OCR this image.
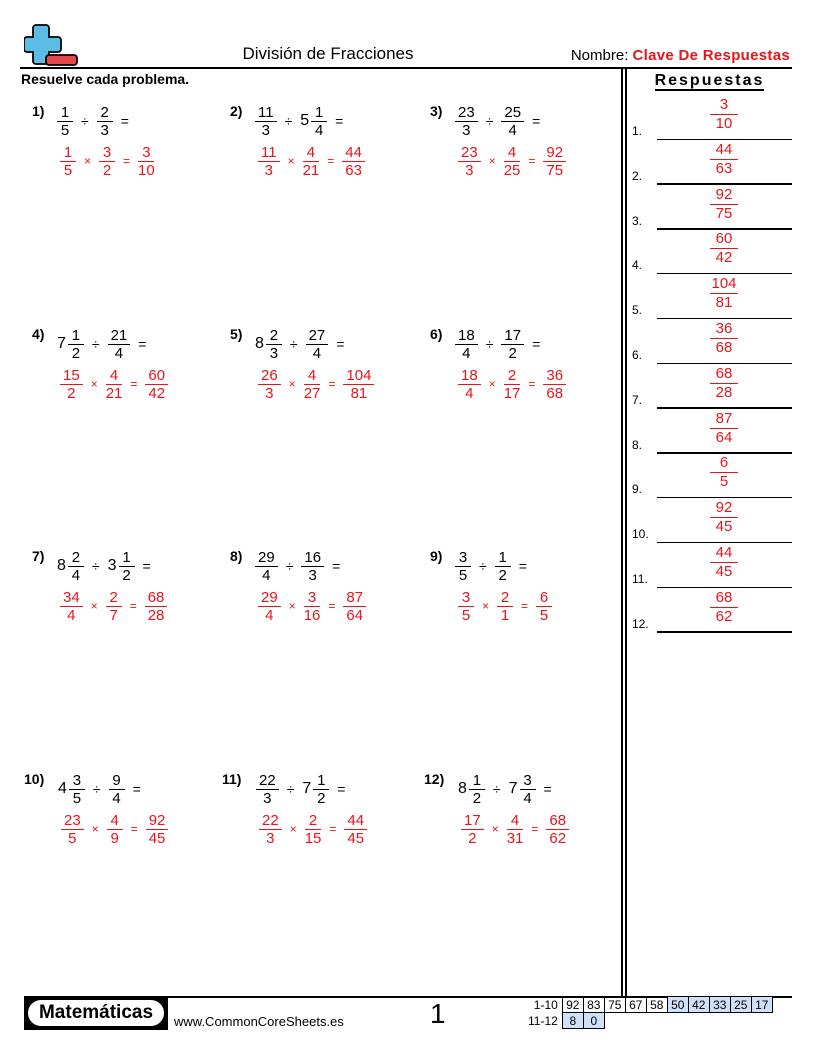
División de Fracciones	Nombre: Clave De Respuestas
Resuelve cada problema.
$1) \frac{1}{5} \div \frac{2}{3}$ =
$\frac{1}{5} \times \frac{3}{2} = \frac{3}{10}$
$2) \frac{11}{3} \div 5 \frac{1}{4}$ =
$\frac{11}{3} \times \frac{4}{21} = \frac{44}{63}$
$3) \frac{23}{3} \div \frac{25}{4}$ =
$\frac{23}{3} \times \frac{4}{25} = \frac{92}{75}$
4)
$7 \frac{1}{2} \div \frac{21}{4}$ =
$\frac{15}{2} \times \frac{4}{21} = \frac{60}{42}$
5)
$8 \frac{2}{3} \div \frac{27}{4}$ =
$\frac{26}{3} \times \frac{4}{27} = \frac{104}{81}$
$6) \frac{18}{4} \div \frac{17}{2}$ =
$\frac{18}{4} \times \frac{2}{17} = \frac{36}{68}$
7)
$8 \frac{2}{4} \div 3 \frac{1}{2}$ =
$\frac{34}{4} \times \frac{2}{7} = \frac{68}{28}$
$8) \frac{29}{4} \div \frac{16}{3}$ =
$\frac{29}{4} \times \frac{3}{16} = \frac{87}{64}$
$9) \frac{3}{5} \div \frac{1}{2}$ =
$\frac{3}{5} \times \frac{2}{1} = \frac{6}{5}$
10)
$4 \frac{3}{5} \div \frac{9}{4}$ =
$\frac{23}{5} \times \frac{4}{9} = \frac{92}{45}$
$11) \frac{22}{3} \div 7 \frac{1}{2}$ =
$\frac{22}{3} \times \frac{2}{15} = \frac{44}{45}$
12)
$8 \frac{1}{2} \div 7 \frac{3}{4}$ =
$\frac{17}{2} \times \frac{4}{31} = \frac{68}{62}$
Respuestas
1.	$\frac{3}{10}$
2.	$\frac{44}{63}$
3.	$\frac{92}{75}$
4.	$\frac{60}{42}$
5.	$\frac{104}{81}$
6.	$\frac{36}{68}$
7.	$\frac{68}{28}$
8.	$\frac{87}{64}$
9.	$\frac{6}{5}$
10.	$\frac{92}{45}$
11.	$\frac{44}{45}$
12.	$\frac{68}{62}$
Matemáticas	www.CommonCoreSheets.es	1	1-10	92	83	75	67	58	50	42	33	25	17
11-12	8	0								
